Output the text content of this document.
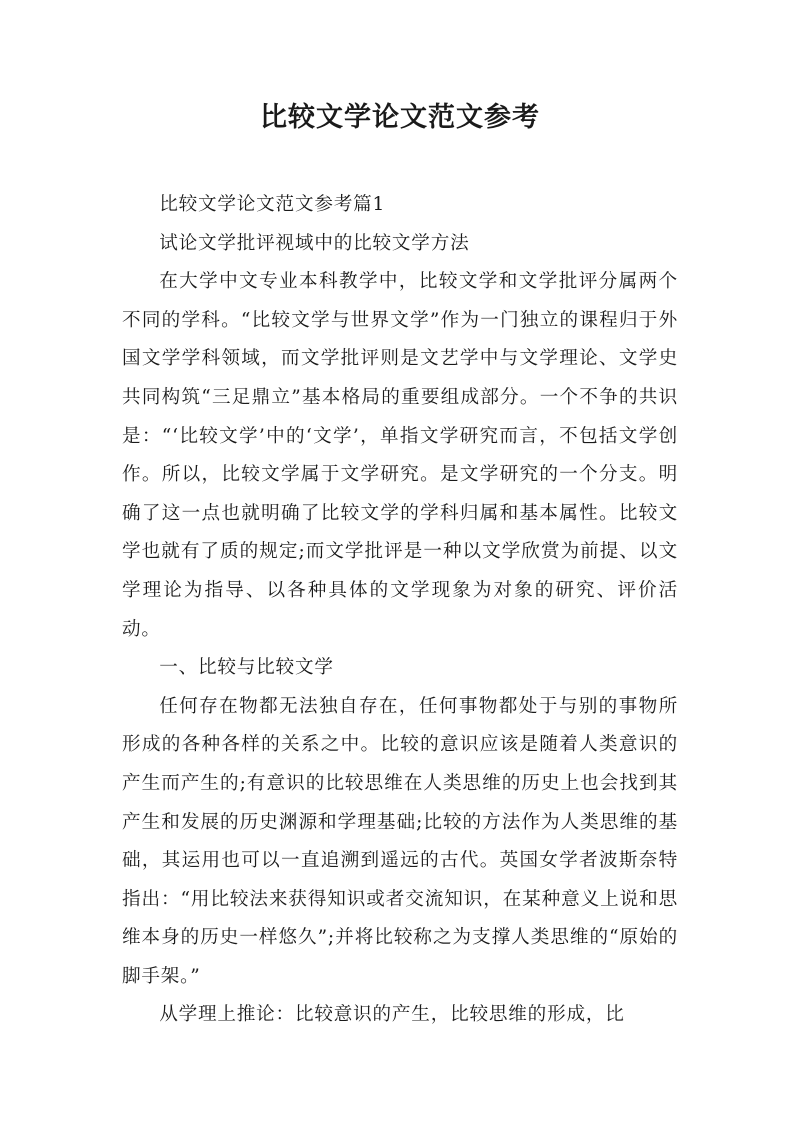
比较文学论文范文参考

比较文学论文范文参考篇1

试论文学批评视域中的比较文学方法

在大学中文专业本科教学中，比较文学和文学批评分属两个不同的学科。“比较文学与世界文学”作为一门独立的课程归于外国文学学科领域，而文学批评则是文艺学中与文学理论、文学史共同构筑“三足鼎立”基本格局的重要组成部分。一个不争的共识是：“‘比较文学’中的‘文学’，单指文学研究而言，不包括文学创作。所以，比较文学属于文学研究。是文学研究的一个分支。明确了这一点也就明确了比较文学的学科归属和基本属性。比较文学也就有了质的规定;而文学批评是一种以文学欣赏为前提、以文学理论为指导、以各种具体的文学现象为对象的研究、评价活动。

一、比较与比较文学

任何存在物都无法独自存在，任何事物都处于与别的事物所形成的各种各样的关系之中。比较的意识应该是随着人类意识的产生而产生的;有意识的比较思维在人类思维的历史上也会找到其产生和发展的历史渊源和学理基础;比较的方法作为人类思维的基础，其运用也可以一直追溯到遥远的古代。英国女学者波斯奈特指出：“用比较法来获得知识或者交流知识，在某种意义上说和思维本身的历史一样悠久”;并将比较称之为支撑人类思维的“原始的脚手架。”

从学理上推论：比较意识的产生，比较思维的形成，比
